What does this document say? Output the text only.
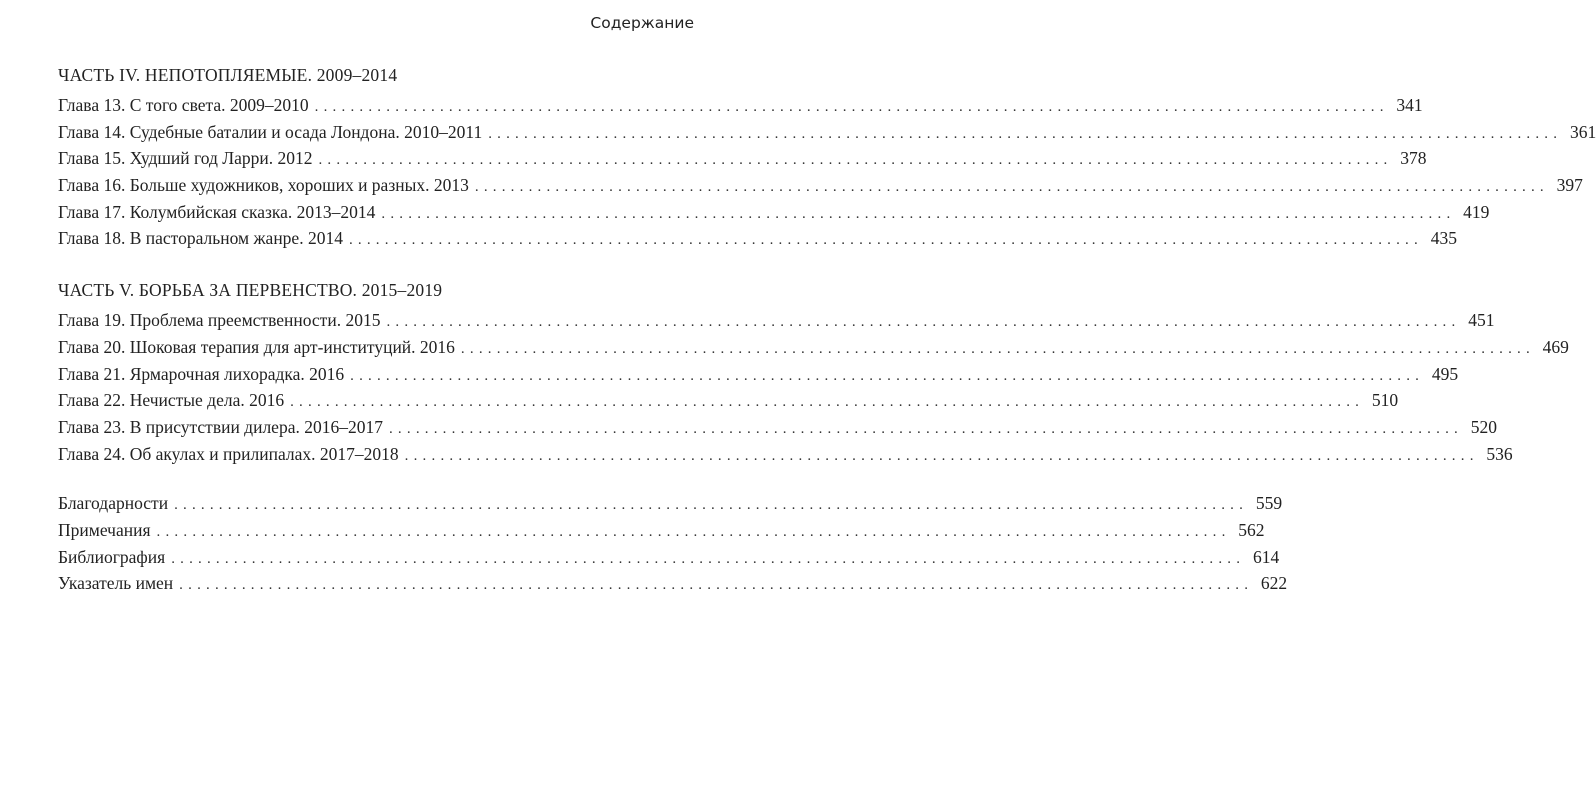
Содержание
ЧАСТЬ IV. НЕПОТОПЛЯЕМЫЕ. 2009–2014
Глава 13. С того света. 2009–2010 ........................................................................................................................ 341
Глава 14. Судебные баталии и осада Лондона. 2010–2011 ........................................................................................................................ 361
Глава 15. Худший год Ларри. 2012 ........................................................................................................................ 378
Глава 16. Больше художников, хороших и разных. 2013 ........................................................................................................................ 397
Глава 17. Колумбийская сказка. 2013–2014 ........................................................................................................................ 419
Глава 18. В пасторальном жанре. 2014 ........................................................................................................................ 435
ЧАСТЬ V. БОРЬБА ЗА ПЕРВЕНСТВО. 2015–2019
Глава 19. Проблема преемственности. 2015 ........................................................................................................................ 451
Глава 20. Шоковая терапия для арт-институций. 2016 ........................................................................................................................ 469
Глава 21. Ярмарочная лихорадка. 2016 ........................................................................................................................ 495
Глава 22. Нечистые дела. 2016 ........................................................................................................................ 510
Глава 23. В присутствии дилера. 2016–2017 ........................................................................................................................ 520
Глава 24. Об акулах и прилипалах. 2017–2018 ........................................................................................................................ 536
Благодарности ........................................................................................................................ 559
Примечания ........................................................................................................................ 562
Библиография ........................................................................................................................ 614
Указатель имен ........................................................................................................................ 622
